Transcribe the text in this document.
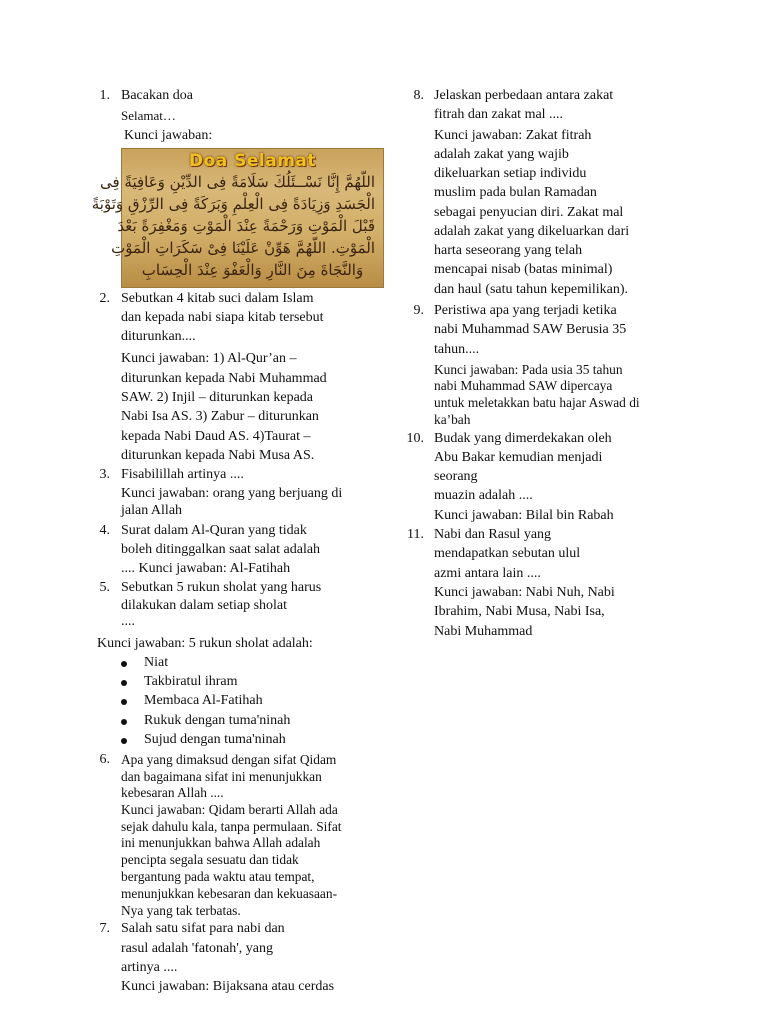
1. Bacakan doa
Selamat…
Kunci jawaban:
Doa Selamat
اللّهُمَّ إِنَّا نَسْــئَلُكَ سَلَامَةً فِى الدِّيْنِ وَعَافِيَةً فِى
الْجَسَدِ وَزِيَادَةً فِى الْعِلْمِ وَبَرَكَةً فِى الرِّزْقِ وَتَوْبَةً
قَبْلَ الْمَوْتِ وَرَحْمَةً عِنْدَ الْمَوْتِ وَمَغْفِرَةً بَعْدَ
الْمَوْتِ. اللّهُمَّ هَوِّنْ عَلَيْنَا فِىْ سَكَرَاتِ الْمَوْتِ
وَالنَّجَاةَ مِنَ النَّارِ وَالْعَفْوَ عِنْدَ الْحِسَابِ
2. Sebutkan 4 kitab suci dalam Islam
dan kepada nabi siapa kitab tersebut
diturunkan....
Kunci jawaban: 1) Al-Qur’an –
diturunkan kepada Nabi Muhammad
SAW. 2) Injil – diturunkan kepada
Nabi Isa AS. 3) Zabur – diturunkan
kepada Nabi Daud AS. 4)Taurat –
diturunkan kepada Nabi Musa AS.
3. Fisabilillah artinya ....
Kunci jawaban: orang yang berjuang di
jalan Allah
4. Surat dalam Al-Quran yang tidak
boleh ditinggalkan saat salat adalah
.... Kunci jawaban: Al-Fatihah
5. Sebutkan 5 rukun sholat yang harus
dilakukan dalam setiap sholat
....
Kunci jawaban: 5 rukun sholat adalah:
Niat
Takbiratul ihram
Membaca Al-Fatihah
Rukuk dengan tuma'ninah
Sujud dengan tuma'ninah
6. Apa yang dimaksud dengan sifat Qidam
dan bagaimana sifat ini menunjukkan
kebesaran Allah ....
Kunci jawaban: Qidam berarti Allah ada
sejak dahulu kala, tanpa permulaan. Sifat
ini menunjukkan bahwa Allah adalah
pencipta segala sesuatu dan tidak
bergantung pada waktu atau tempat,
menunjukkan kebesaran dan kekuasaan-
Nya yang tak terbatas.
7. Salah satu sifat para nabi dan
rasul adalah 'fatonah', yang
artinya ....
Kunci jawaban: Bijaksana atau cerdas
8. Jelaskan perbedaan antara zakat
fitrah dan zakat mal ....
Kunci jawaban: Zakat fitrah
adalah zakat yang wajib
dikeluarkan setiap individu
muslim pada bulan Ramadan
sebagai penyucian diri. Zakat mal
adalah zakat yang dikeluarkan dari
harta seseorang yang telah
mencapai nisab (batas minimal)
dan haul (satu tahun kepemilikan).
9. Peristiwa apa yang terjadi ketika
nabi Muhammad SAW Berusia 35
tahun....
Kunci jawaban: Pada usia 35 tahun
nabi Muhammad SAW dipercaya
untuk meletakkan batu hajar Aswad di
ka’bah
10. Budak yang dimerdekakan oleh
Abu Bakar kemudian menjadi
seorang
muazin adalah ....
Kunci jawaban: Bilal bin Rabah
11. Nabi dan Rasul yang
mendapatkan sebutan ulul
azmi antara lain ....
Kunci jawaban: Nabi Nuh, Nabi
Ibrahim, Nabi Musa, Nabi Isa,
Nabi Muhammad
